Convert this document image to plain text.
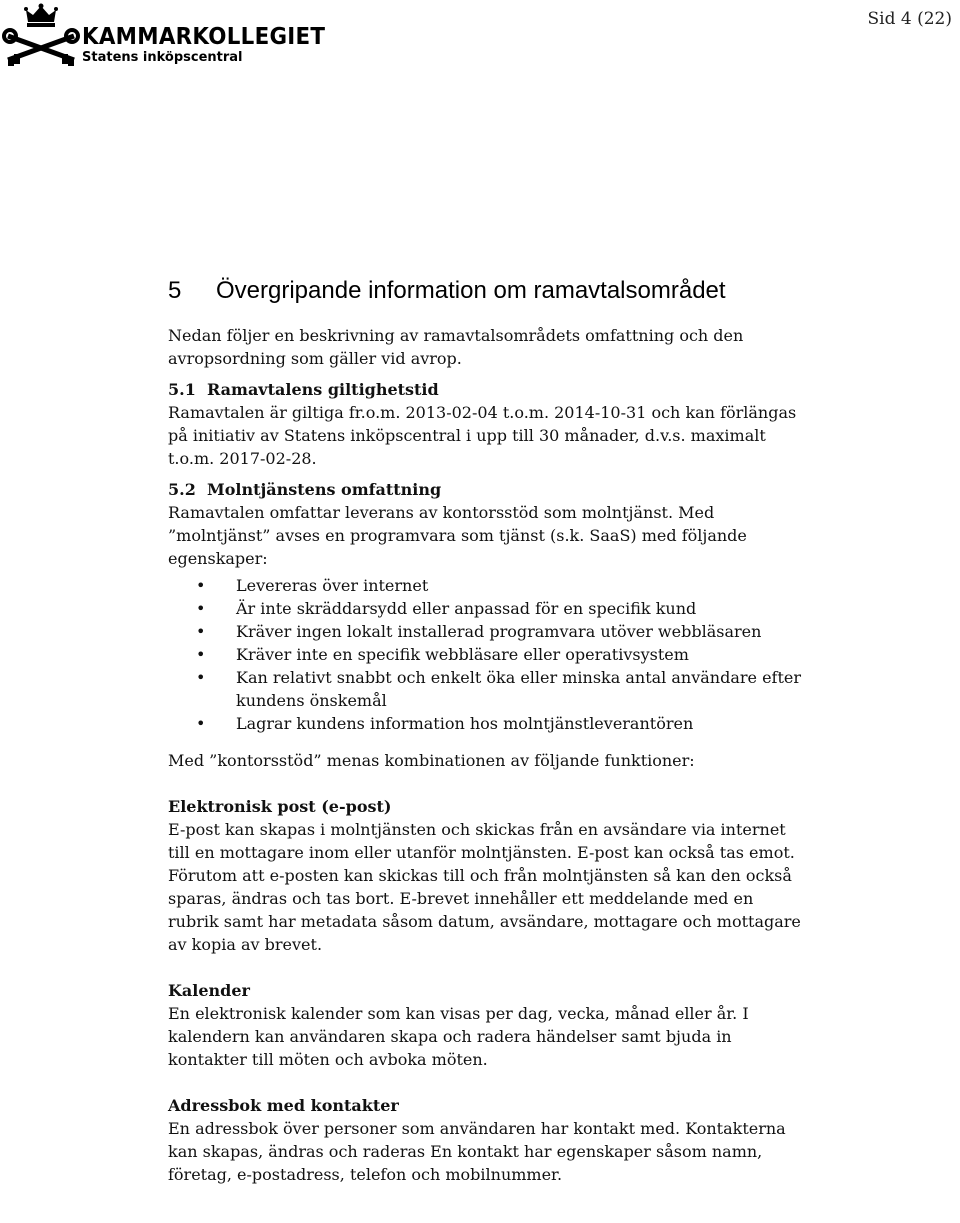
KAMMARKOLLEGIET
Statens inköpscentral
Sid 4 (22)
5 Övergripande information om ramavtalsområdet

Nedan följer en beskrivning av ramavtalsområdets omfattning och den avropsordning som gäller vid avrop.

5.1  Ramavtalens giltighetstid

Ramavtalen är giltiga fr.o.m. 2013-02-04 t.o.m. 2014-10-31 och kan förlängas på initiativ av Statens inköpscentral i upp till 30 månader, d.v.s. maximalt t.o.m. 2017-02-28.

5.2  Molntjänstens omfattning

Ramavtalen omfattar leverans av kontorsstöd som molntjänst. Med ”molntjänst” avses en programvara som tjänst (s.k. SaaS) med följande egenskaper:

• Levereras över internet
• Är inte skräddarsydd eller anpassad för en specifik kund
• Kräver ingen lokalt installerad programvara utöver webbläsaren
• Kräver inte en specifik webbläsare eller operativsystem
• Kan relativt snabbt och enkelt öka eller minska antal användare efter kundens önskemål
• Lagrar kundens information hos molntjänstleverantören

Med ”kontorsstöd” menas kombinationen av följande funktioner:

Elektronisk post (e-post)

E-post kan skapas i molntjänsten och skickas från en avsändare via internet till en mottagare inom eller utanför molntjänsten. E-post kan också tas emot. Förutom att e-posten kan skickas till och från molntjänsten så kan den också sparas, ändras och tas bort. E-brevet innehåller ett meddelande med en rubrik samt har metadata såsom datum, avsändare, mottagare och mottagare av kopia av brevet.

Kalender

En elektronisk kalender som kan visas per dag, vecka, månad eller år. I kalendern kan användaren skapa och radera händelser samt bjuda in kontakter till möten och avboka möten.

Adressbok med kontakter

En adressbok över personer som användaren har kontakt med. Kontakterna kan skapas, ändras och raderas En kontakt har egenskaper såsom namn, företag, e-postadress, telefon och mobilnummer.
